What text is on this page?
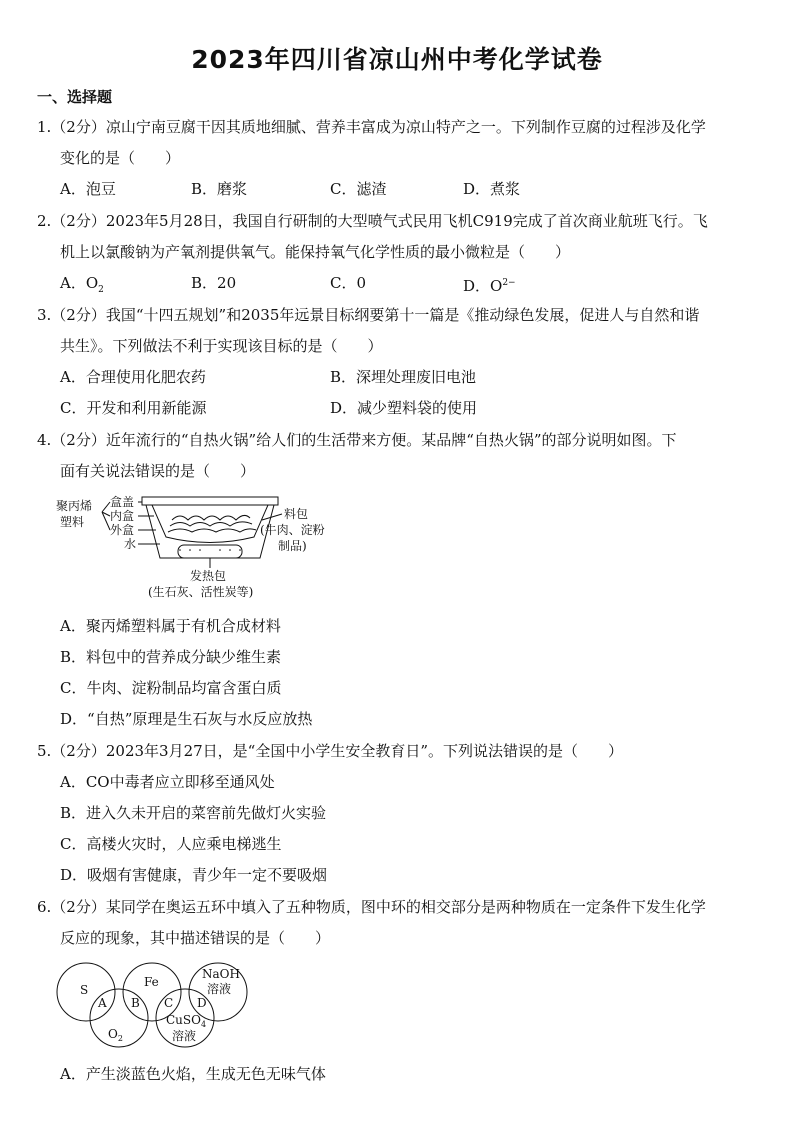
2023年四川省凉山州中考化学试卷
一、选择题
1.（2分）凉山宁南豆腐干因其质地细腻、营养丰富成为凉山特产之一。下列制作豆腐的过程涉及化学
变化的是（　　）
A．泡豆	B．磨浆	C．滤渣	D．煮浆
2.（2分）2023年5月28日，我国自行研制的大型喷气式民用飞机C919完成了首次商业航班飞行。飞
机上以氯酸钠为产氧剂提供氧气。能保持氧气化学性质的最小微粒是（　　）
A．$O_2$	B．20	C．0	D．$O^{2-}$
3.（2分）我国“十四五规划”和2035年远景目标纲要第十一篇是《推动绿色发展，促进人与自然和谐
共生》。下列做法不利于实现该目标的是（　　）
A．合理使用化肥农药	B．深埋处理废旧电池
C．开发和利用新能源	D．减少塑料袋的使用
4.（2分）近年流行的“自热火锅”给人们的生活带来方便。某品牌“自热火锅”的部分说明如图。下
面有关说法错误的是（　　）
聚丙烯
塑料
盒盖
内盒
外盒
水
料包
(牛肉、淀粉
制品)
发热包
(生石灰、活性炭等)
A．聚丙烯塑料属于有机合成材料
B．料包中的营养成分缺少维生素
C．牛肉、淀粉制品均富含蛋白质
D．“自热”原理是生石灰与水反应放热
5.（2分）2023年3月27日，是“全国中小学生安全教育日”。下列说法错误的是（　　）
A．CO中毒者应立即移至通风处
B．进入久未开启的菜窖前先做灯火实验
C．高楼火灾时，人应乘电梯逃生
D．吸烟有害健康，青少年一定不要吸烟
6.（2分）某同学在奥运五环中填入了五种物质，图中环的相交部分是两种物质在一定条件下发生化学
反应的现象，其中描述错误的是（　　）
S
Fe
NaOH
溶液
$O_2$
CuSO$_4$
溶液
A B C D
A．产生淡蓝色火焰，生成无色无味气体
